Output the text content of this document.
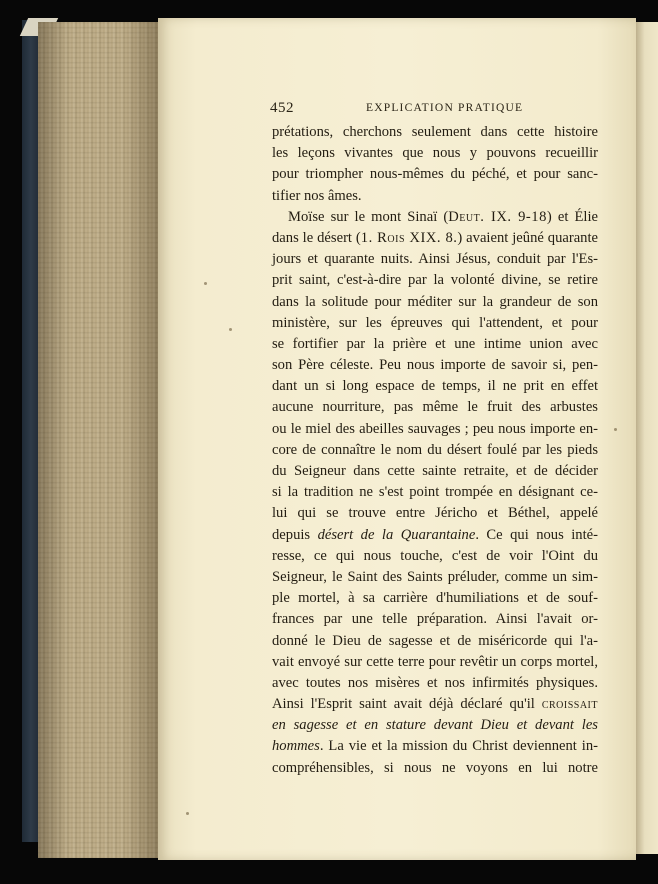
452	EXPLICATION PRATIQUE
prétations, cherchons seulement dans cette histoire
les leçons vivantes que nous y pouvons recueillir
pour triompher nous-mêmes du péché, et pour sanc-
tifier nos âmes.
Moïse sur le mont Sinaï (Deut. IX. 9-18) et Élie
dans le désert (1. Rois XIX. 8.) avaient jeûné quarante
jours et quarante nuits. Ainsi Jésus, conduit par l'Es-
prit saint, c'est-à-dire par la volonté divine, se retire
dans la solitude pour méditer sur la grandeur de son
ministère, sur les épreuves qui l'attendent, et pour
se fortifier par la prière et une intime union avec
son Père céleste. Peu nous importe de savoir si, pen-
dant un si long espace de temps, il ne prit en effet
aucune nourriture, pas même le fruit des arbustes
ou le miel des abeilles sauvages ; peu nous importe en-
core de connaître le nom du désert foulé par les pieds
du Seigneur dans cette sainte retraite, et de décider
si la tradition ne s'est point trompée en désignant ce-
lui qui se trouve entre Jéricho et Béthel, appelé
depuis désert de la Quarantaine. Ce qui nous inté-
resse, ce qui nous touche, c'est de voir l'Oint du
Seigneur, le Saint des Saints préluder, comme un sim-
ple mortel, à sa carrière d'humiliations et de souf-
frances par une telle préparation. Ainsi l'avait or-
donné le Dieu de sagesse et de miséricorde qui l'a-
vait envoyé sur cette terre pour revêtir un corps mortel,
avec toutes nos misères et nos infirmités physiques.
Ainsi l'Esprit saint avait déjà déclaré qu'il croissait
en sagesse et en stature devant Dieu et devant les
hommes. La vie et la mission du Christ deviennent in-
compréhensibles, si nous ne voyons en lui notre
